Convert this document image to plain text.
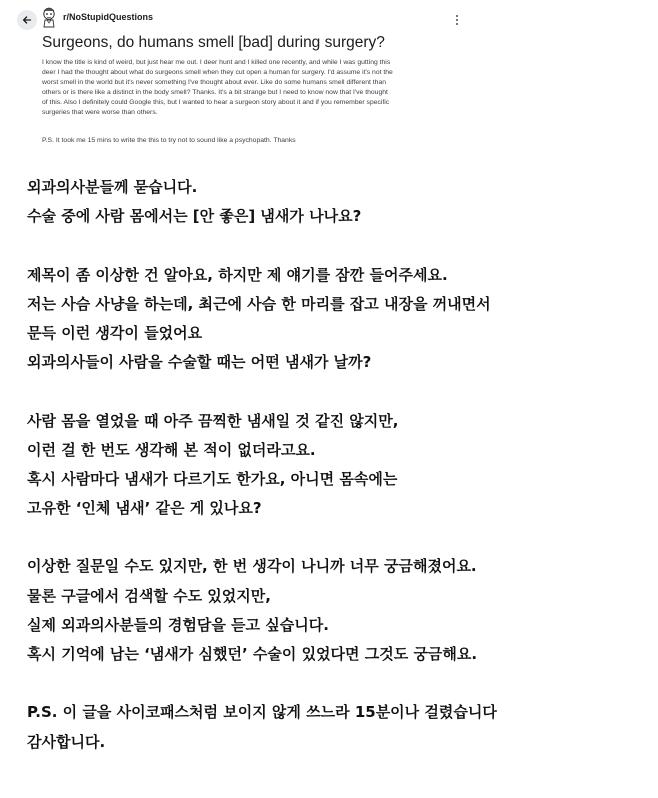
r/NoStupidQuestions
Surgeons, do humans smell [bad] during surgery?
I know the title is kind of weird, but just hear me out. I deer hunt and I killed one recently, and while I was gutting this
deer I had the thought about what do surgeons smell when they cut open a human for surgery. I'd assume it's not the
worst smell in the world but it's never something I've thought about ever. Like do some humans smell different than
others or is there like a distinct in the body smell? Thanks. It's a bit strange but I need to know now that I've thought
of this. Also I definitely could Google this, but I wanted to hear a surgeon story about it and if you remember specific
surgeries that were worse than others.
P.S. It took me 15 mins to write the this to try not to sound like a psychopath. Thanks
외과의사분들께 묻습니다.
수술 중에 사람 몸에서는 [안 좋은] 냄새가 나나요?
제목이 좀 이상한 건 알아요, 하지만 제 얘기를 잠깐 들어주세요.
저는 사슴 사냥을 하는데, 최근에 사슴 한 마리를 잡고 내장을 꺼내면서
문득 이런 생각이 들었어요
외과의사들이 사람을 수술할 때는 어떤 냄새가 날까?
사람 몸을 열었을 때 아주 끔찍한 냄새일 것 같진 않지만,
이런 걸 한 번도 생각해 본 적이 없더라고요.
혹시 사람마다 냄새가 다르기도 한가요, 아니면 몸속에는
고유한 ‘인체 냄새’ 같은 게 있나요?
이상한 질문일 수도 있지만, 한 번 생각이 나니까 너무 궁금해졌어요.
물론 구글에서 검색할 수도 있었지만,
실제 외과의사분들의 경험담을 듣고 싶습니다.
혹시 기억에 남는 ‘냄새가 심했던’ 수술이 있었다면 그것도 궁금해요.
P.S. 이 글을 사이코패스처럼 보이지 않게 쓰느라 15분이나 걸렸습니다
감사합니다.
